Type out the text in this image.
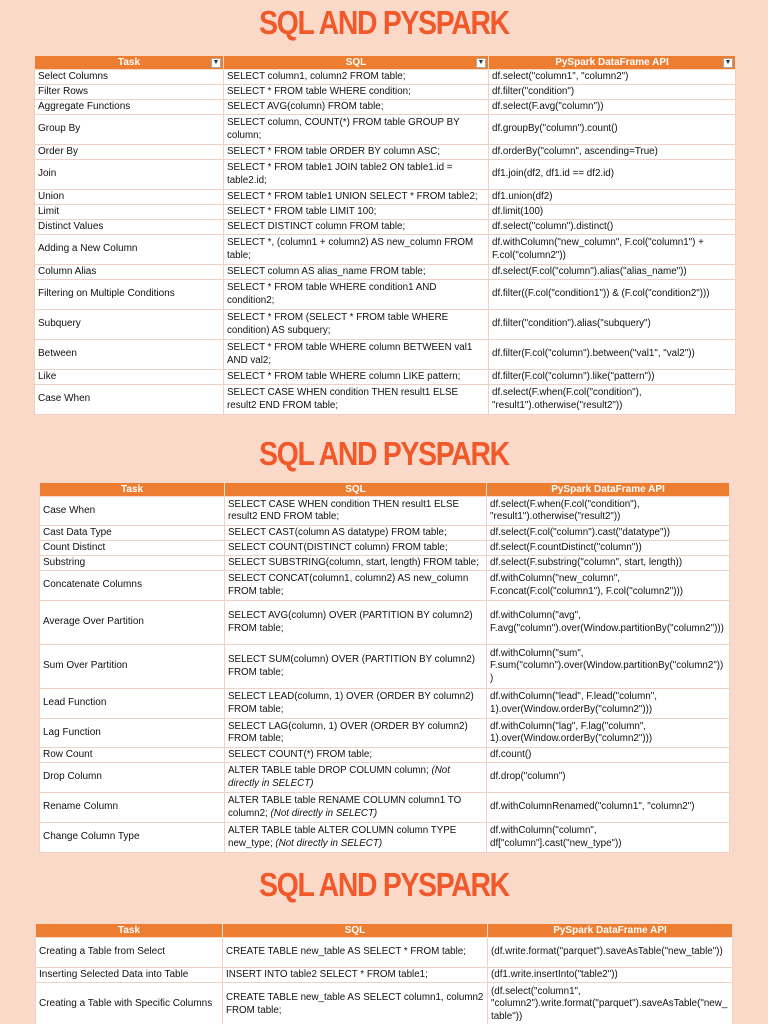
SQL AND PYSPARK
Task ▼	SQL ▼	PySpark DataFrame API ▼

Select Columns	SELECT column1, column2 FROM table;	df.select("column1", "column2")
Filter Rows	SELECT * FROM table WHERE condition;	df.filter("condition")
Aggregate Functions	SELECT AVG(column) FROM table;	df.select(F.avg("column"))
Group By	SELECT column, COUNT(*) FROM table GROUP BY column;	df.groupBy("column").count()
Order By	SELECT * FROM table ORDER BY column ASC;	df.orderBy("column", ascending=True)
Join	SELECT * FROM table1 JOIN table2 ON table1.id = table2.id;	df1.join(df2, df1.id == df2.id)
Union	SELECT * FROM table1 UNION SELECT * FROM table2;	df1.union(df2)
Limit	SELECT * FROM table LIMIT 100;	df.limit(100)
Distinct Values	SELECT DISTINCT column FROM table;	df.select("column").distinct()
Adding a New Column	SELECT *, (column1 + column2) AS new_column FROM table;	df.withColumn("new_column", F.col("column1") + F.col("column2"))
Column Alias	SELECT column AS alias_name FROM table;	df.select(F.col("column").alias("alias_name"))
Filtering on Multiple Conditions	SELECT * FROM table WHERE condition1 AND condition2;	df.filter((F.col("condition1")) & (F.col("condition2")))
Subquery	SELECT * FROM (SELECT * FROM table WHERE condition) AS subquery;	df.filter("condition").alias("subquery")
Between	SELECT * FROM table WHERE column BETWEEN val1 AND val2;	df.filter(F.col("column").between("val1", "val2"))
Like	SELECT * FROM table WHERE column LIKE pattern;	df.filter(F.col("column").like("pattern"))
Case When	SELECT CASE WHEN condition THEN result1 ELSE result2 END FROM table;	df.select(F.when(F.col("condition"), "result1").otherwise("result2"))
SQL AND PYSPARK
Task	SQL	PySpark DataFrame API
Case When	SELECT CASE WHEN condition THEN result1 ELSE result2 END FROM table;	df.select(F.when(F.col("condition"), "result1").otherwise("result2"))
Cast Data Type	SELECT CAST(column AS datatype) FROM table;	df.select(F.col("column").cast("datatype"))
Count Distinct	SELECT COUNT(DISTINCT column) FROM table;	df.select(F.countDistinct("column"))
Substring	SELECT SUBSTRING(column, start, length) FROM table;	df.select(F.substring("column", start, length))
Concatenate Columns	SELECT CONCAT(column1, column2) AS new_column FROM table;	df.withColumn("new_column", F.concat(F.col("column1"), F.col("column2")))
Average Over Partition	SELECT AVG(column) OVER (PARTITION BY column2) FROM table;	df.withColumn("avg", F.avg("column").over(Window.partitionBy("column2")))
Sum Over Partition	SELECT SUM(column) OVER (PARTITION BY column2) FROM table;	df.withColumn("sum", F.sum("column").over(Window.partitionBy("column2")))
Lead Function	SELECT LEAD(column, 1) OVER (ORDER BY column2) FROM table;	df.withColumn("lead", F.lead("column", 1).over(Window.orderBy("column2")))
Lag Function	SELECT LAG(column, 1) OVER (ORDER BY column2) FROM table;	df.withColumn("lag", F.lag("column", 1).over(Window.orderBy("column2")))
Row Count	SELECT COUNT(*) FROM table;	df.count()
Drop Column	ALTER TABLE table DROP COLUMN column; (Not directly in SELECT)	df.drop("column")
Rename Column	ALTER TABLE table RENAME COLUMN column1 TO column2; (Not directly in SELECT)	df.withColumnRenamed("column1", "column2")
Change Column Type	ALTER TABLE table ALTER COLUMN column TYPE new_type; (Not directly in SELECT)	df.withColumn("column", df["column"].cast("new_type"))
SQL AND PYSPARK
Task	SQL	PySpark DataFrame API
Creating a Table from Select	CREATE TABLE new_table AS SELECT * FROM table;	(df.write.format("parquet").saveAsTable("new_table"))
Inserting Selected Data into Table	INSERT INTO table2 SELECT * FROM table1;	(df1.write.insertInto("table2"))
Creating a Table with Specific Columns	CREATE TABLE new_table AS SELECT column1, column2 FROM table;	(df.select("column1", "column2").write.format("parquet").saveAsTable("new_table"))
